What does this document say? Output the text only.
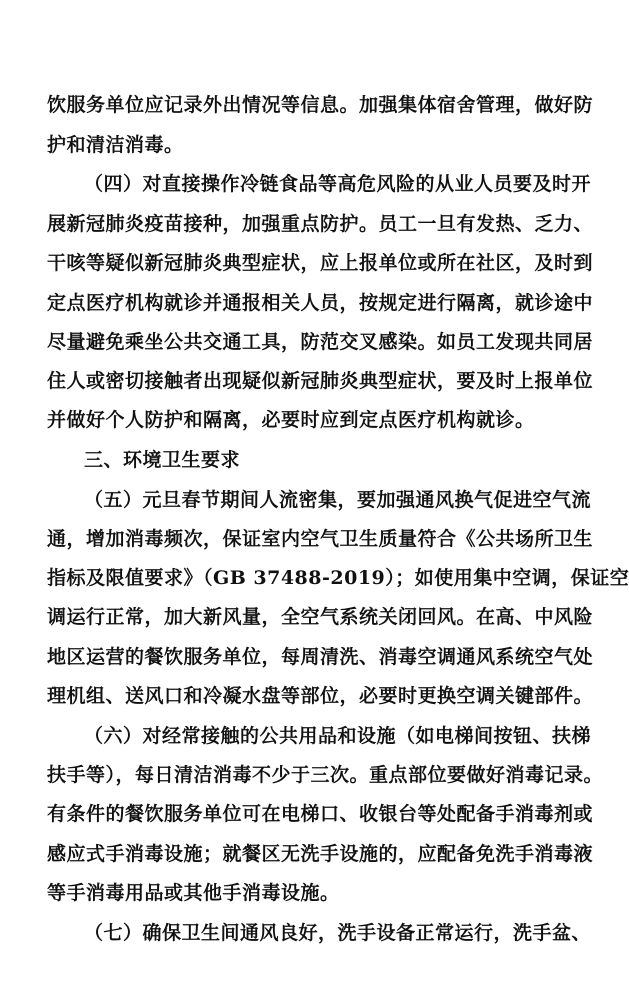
饮服务单位应记录外出情况等信息。加强集体宿舍管理，做好防
护和清洁消毒。
（四）对直接操作冷链食品等高危风险的从业人员要及时开
展新冠肺炎疫苗接种，加强重点防护。员工一旦有发热、乏力、
干咳等疑似新冠肺炎典型症状，应上报单位或所在社区，及时到
定点医疗机构就诊并通报相关人员，按规定进行隔离，就诊途中
尽量避免乘坐公共交通工具，防范交叉感染。如员工发现共同居
住人或密切接触者出现疑似新冠肺炎典型症状，要及时上报单位
并做好个人防护和隔离，必要时应到定点医疗机构就诊。
三、环境卫生要求
（五）元旦春节期间人流密集，要加强通风换气促进空气流
通，增加消毒频次，保证室内空气卫生质量符合《公共场所卫生
指标及限值要求》（GB 37488-2019）；如使用集中空调，保证空
调运行正常，加大新风量，全空气系统关闭回风。在高、中风险
地区运营的餐饮服务单位，每周清洗、消毒空调通风系统空气处
理机组、送风口和冷凝水盘等部位，必要时更换空调关键部件。
（六）对经常接触的公共用品和设施（如电梯间按钮、扶梯
扶手等），每日清洁消毒不少于三次。重点部位要做好消毒记录。
有条件的餐饮服务单位可在电梯口、收银台等处配备手消毒剂或
感应式手消毒设施；就餐区无洗手设施的，应配备免洗手消毒液
等手消毒用品或其他手消毒设施。
（七）确保卫生间通风良好，洗手设备正常运行，洗手盆、
